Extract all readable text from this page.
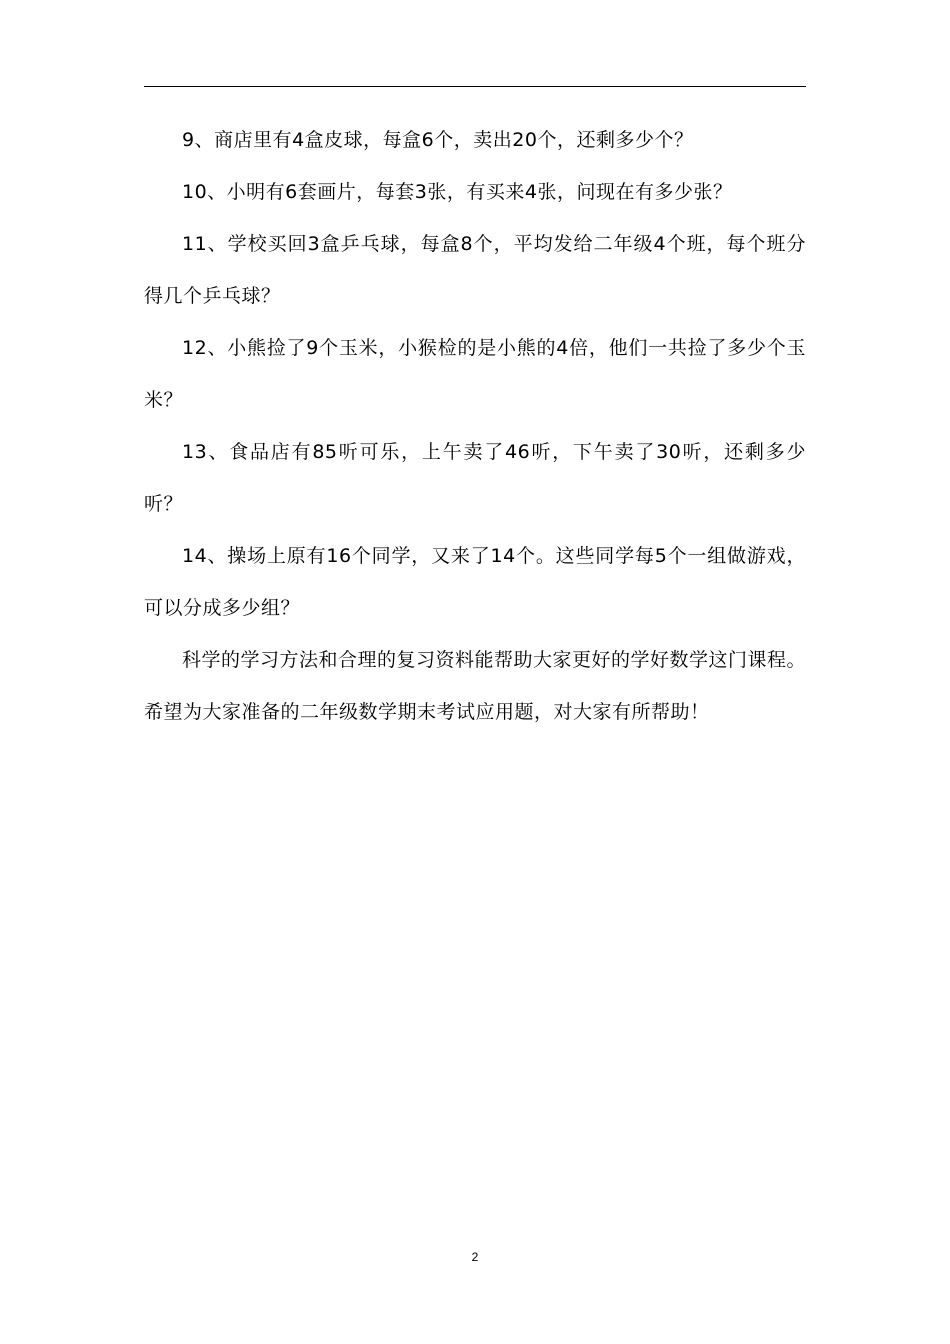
9、商店里有4盒皮球，每盒6个，卖出20个，还剩多少个？

10、小明有6套画片，每套3张，有买来4张，问现在有多少张？

11、学校买回3盒乒乓球，每盒8个，平均发给二年级4个班，每个班分得几个乒乓球？

12、小熊捡了9个玉米，小猴检的是小熊的4倍，他们一共捡了多少个玉米？

13、食品店有85听可乐，上午卖了46听，下午卖了30听，还剩多少听？

14、操场上原有16个同学，又来了14个。这些同学每5个一组做游戏，可以分成多少组？

科学的学习方法和合理的复习资料能帮助大家更好的学好数学这门课程。希望为大家准备的二年级数学期末考试应用题，对大家有所帮助！

2
